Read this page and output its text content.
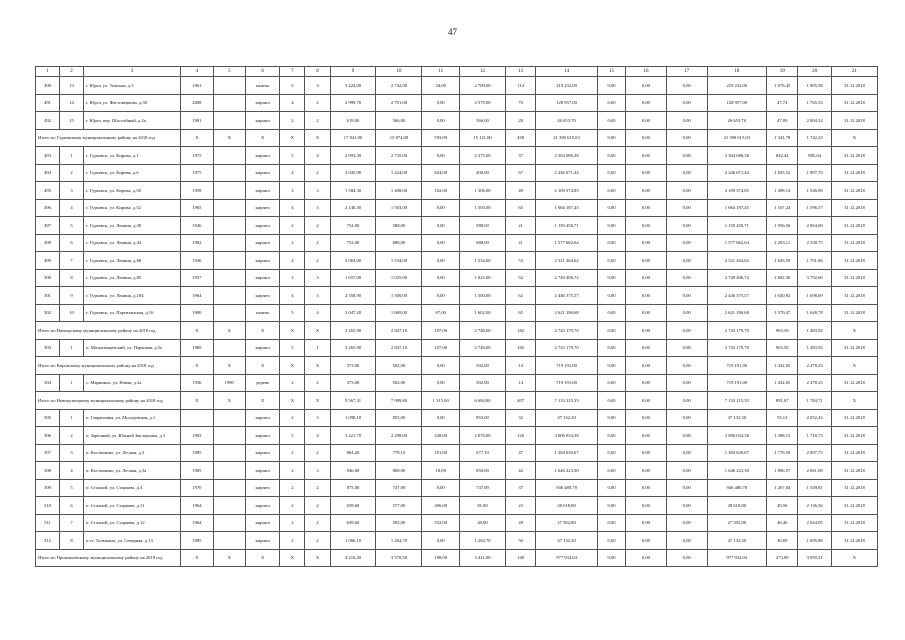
47
1	2	3	4	5	6	7	8	9	10	11	12	13	14	15	16	17	18	19	20	21
490	13	г. Юрга, ул. Томская, д.5	1961		панель	5	4	3 224,00	2 742,00	34,00	2 709,00	114	219 232,00	0,00	0,00	0,00	219 232,00	1 076,45	1 905,58	31.12.2018
491	14	г. Юрга, ул. Фастовецкова, д.30	2008		кирпич	4	2	2 999,70	2 701,00	0,00	2 579,00	70	128 957,00	0,00	0,00	0,00	128 957,00	47,74	1 765,33	31.12.2018
492	15	г. Юрга, пер. Шоссейный, д.2а	1981		кирпич	2	2	619,90	566,00	0,00	566,00	28	26 653,70	0,00	0,00	0,00	26 653,70	47,09	2 904,32	31.12.2018
Итого по Гурьевскому муниципальному району на 2018 год			X	X	X	X	X	17 841,90	15 874,00	593,00	15 121,00	458	21 390 615,03	0,00	0,00	0,00	21 390 615,03	1 341,78	1 742,23	X
493	1	г. Гурьевск, ул. Кирова, д.1	1975		кирпич	5	4	2 993,39	2 735,00	0,00	2 375,00	37	2 304 086,38	0,00	0,00	0,00	2 304 086,38	842,44	885,64	31.12.2018
494	2	г. Гурьевск, ул. Кирова, д.6	1975		кирпич	4	2	2 045,90	1 224,00	824,00	400,00	67	2 246 671,44	0,00	0,00	0,00	2 246 671,44	1 835,52	1 907,70	31.12.2018
495	3	г. Гурьевск, ул. Кирова, д.50	1958		кирпич	3	3	1 584,30	1 408,00	102,00	1 306,00	49	2 109 374,85	0,00	0,00	0,00	2 109 374,85	1 498,14	1 546,08	31.12.2018
496	4	г. Гурьевск, ул. Кирова, д.52	1965		кирпич	4	3	2 146,30	1 503,00	0,00	1 503,00	65	1 664 187,45	0,00	0,00	0,00	1 664 187,45	1 107,24	1 596,57	31.12.2018
497	5	г. Гурьевск, ул. Ленина, д.39	1946		кирпич	2	2	754,00	588,00	0,00	588,00	21	1 150 458,71	0,00	0,00	0,00	1 150 458,71	1 956,56	2 064,06	31.12.2018
498	6	г. Гурьевск, ул. Ленина, д.43	1982		кирпич	2	2	752,00	688,00	0,00	688,00	21	1 577 662,64	0,00	0,00	0,00	1 577 662,64	2 293,11	2 338,75	31.12.2018
499	7	г. Гурьевск, ул. Ленина, д.66	1946		кирпич	4	2	2 063,00	1 534,00	0,00	1 534,00	53	2 521 264,62	0,00	0,00	0,00	2 521 264,62	1 643,59	1 701,86	31.12.2018
500	8	г. Гурьевск, ул. Ленина, д.85	1957		кирпич	3	3	1 657,00	1 025,00	0,00	1 025,00	52	2 749 406,72	0,00	0,00	0,00	2 749 406,72	2 682,36	3 792,60	31.12.2018
501	9	г. Гурьевск, ул. Ленина, д.104	1964		кирпич	4	3	2 358,90	1 500,00	0,00	1 500,00	62	2 446 375,57	0,00	0,00	0,00	2 446 375,57	1 630,92	1 698,69	31.12.2018
502	10	г. Гурьевск, ул. Партизанская, д.16	1980		панель	5	4	3 047,20	1 669,00	67,00	1 602,00	65	2 621 186,68	0,00	0,00	0,00	2 621 186,68	1 570,47	1 648,78	31.12.2018
Итого по Ижморскому муниципальному району на 2018 год			X	X	X	X	X	3 265,90	2 847,10	107,00	2 740,00	182	2 743 179,70	0,00	0,00	0,00	2 743 179,70	963,50	1 483,92	X
503	1	п. Мотыгинцевский, ул. Парковая, д.5а	1969		кирпич	5	1	3 265,90	2 847,10	107,00	2 740,00	182	2 743 179,70	0,00	0,00	0,00	2 743 179,70	963,50	1 483,92	31.12.2018
Итого по Кировскому муниципальному району на 2018 год			X	X	X	X	X	373,00	502,00	0,00	502,00	14	719 191,00	0,00	0,00	0,00	719 191,00	1 432,65	2 478,23	X
504	1	с. Мариинск, ул. Новая, д.2а	1936	1990	дерево	2	2	373,00	502,00	0,00	502,00	14	719 191,00	0,00	0,00	0,00	719 191,00	1 432,65	2 478,23	31.12.2018
Итого по Новокузнецкому муниципальному району на 2018 год			X	X	X	X	X	9 567,31	7 999,80	1 315,00	6 684,80	407	7 133 215,35	0,00	0,00	0,00	7 133 215,35	891,67	1 784,71	X
505	1	п. Гавриловка, ул. Молодежная, д.1			кирпич	2	3	1 098,10	855,00	0,00	855,00	32	47 132,30	0,00	0,00	0,00	47 132,30	55,13	2 052,43	31.12.2018
506	2	п. Заречный, ул. Южной Закладчика, д.1	1982		кирпич	5	4	3 421,70	2 298,00	228,00	2 070,00	126	3 006 034,38	0,00	0,00	0,00	3 006 034,38	1 308,13	1 718,73	31.12.2018
507	3	п. Костенково, ул. Лесная, д.3	1985		кирпич	2	2	864,20	778,10	101,00	677,10	47	1 384 630,67	0,00	0,00	0,00	1 384 630,67	1 779,50	2 097,75	31.12.2018
508	4	п. Костенково, ул. Лесная, д.3а	1985		кирпич	2	3	946,00	868,00	18,00	850,00	42	1 646 223,30	0,00	0,00	0,00	1 646 223,30	1 896,57	2 061,08	31.12.2018
509	5	п. Сталной, ул. Старкова, д.4	1970		кирпич	2	2	875,00	747,00	0,00	747,00	37	946 480,78	0,00	0,00	0,00	946 480,78	1 267,04	1 549,81	31.12.2018
510	6	п. Сталной, ул. Старкова, д.11	1964		кирпич	2	2	658,60	577,00	496,00	81,00	23	28 618,80	0,00	0,00	0,00	28 618,80	49,56	2 136,56	31.12.2018
511	7	п. Сталной, ул. Старкова, д.12	1964		кирпич	2	2	639,60	592,00	552,00	40,00	28	27 502,80	0,00	0,00	0,00	27 502,80	46,46	2 044,05	31.12.2018
512	8	п.ст. Тальжино, ул. Северная, д.13	1985		кирпич	2	2	1 066,10	1 284,70	0,00	1 284,70	50	47 132,30	0,00	0,00	0,00	47 132,30	36,69	1 695,88	31.12.2018
Итого по Прокопьевскому муниципальному району на 2018 год			X	X	X	X	X	4 216,20	3 570,50	198,00	3 421,00	149	977 934,04	0,00	0,00	0,00	977 934,04	273,89	3 959,31	X
